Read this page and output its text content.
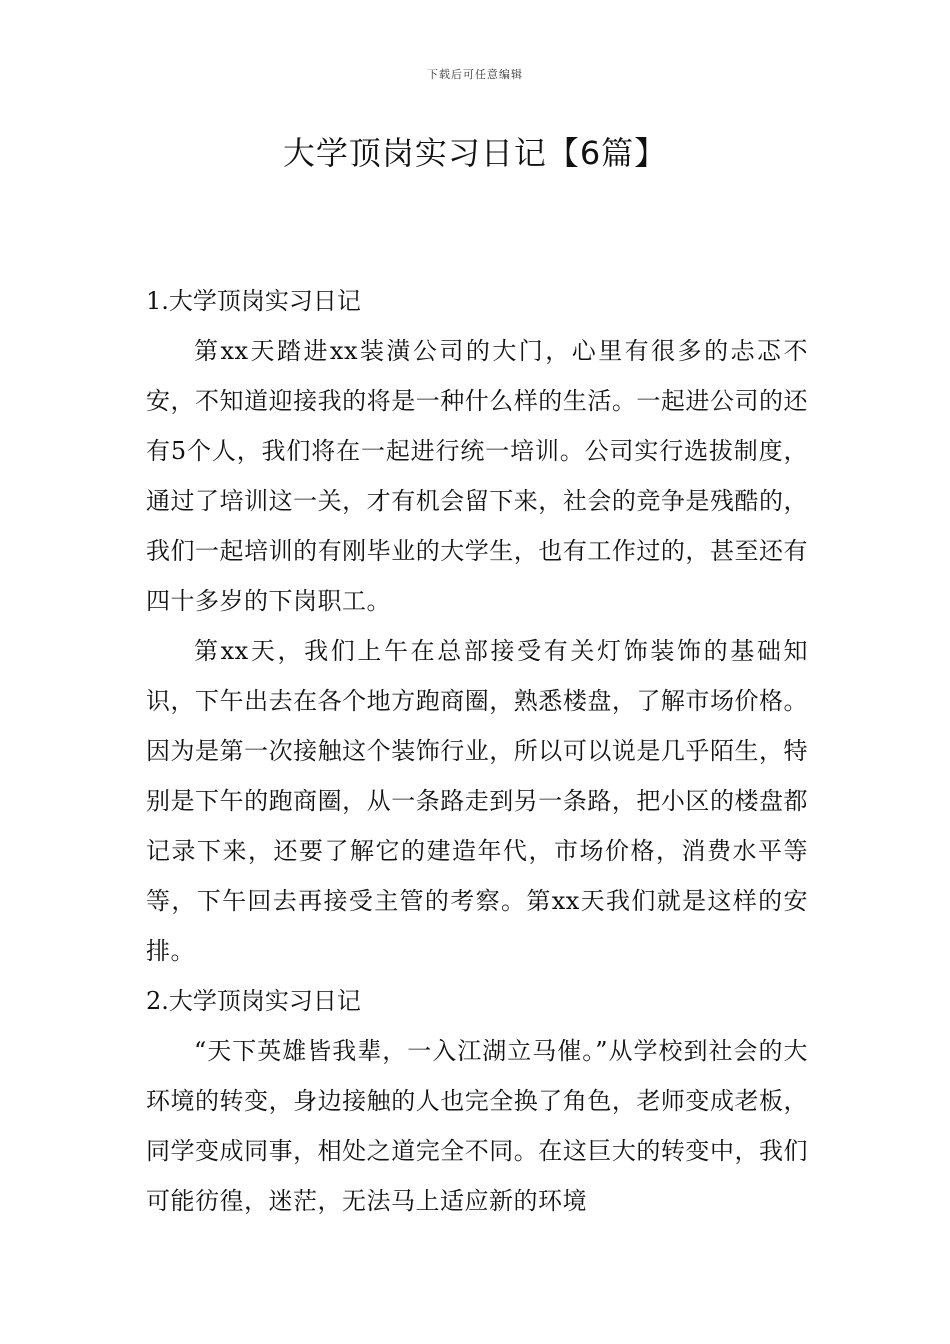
下载后可任意编辑
大学顶岗实习日记【6篇】

1.大学顶岗实习日记

第xx天踏进xx装潢公司的大门，心里有很多的忐忑不安，不知道迎接我的将是一种什么样的生活。一起进公司的还有5个人，我们将在一起进行统一培训。公司实行选拔制度，通过了培训这一关，才有机会留下来，社会的竞争是残酷的，我们一起培训的有刚毕业的大学生，也有工作过的，甚至还有四十多岁的下岗职工。

第xx天，我们上午在总部接受有关灯饰装饰的基础知识，下午出去在各个地方跑商圈，熟悉楼盘，了解市场价格。因为是第一次接触这个装饰行业，所以可以说是几乎陌生，特别是下午的跑商圈，从一条路走到另一条路，把小区的楼盘都记录下来，还要了解它的建造年代，市场价格，消费水平等等，下午回去再接受主管的考察。第xx天我们就是这样的安排。

2.大学顶岗实习日记

“天下英雄皆我辈，一入江湖立马催。”从学校到社会的大环境的转变，身边接触的人也完全换了角色，老师变成老板，同学变成同事，相处之道完全不同。在这巨大的转变中，我们可能彷徨，迷茫，无法马上适应新的环境
